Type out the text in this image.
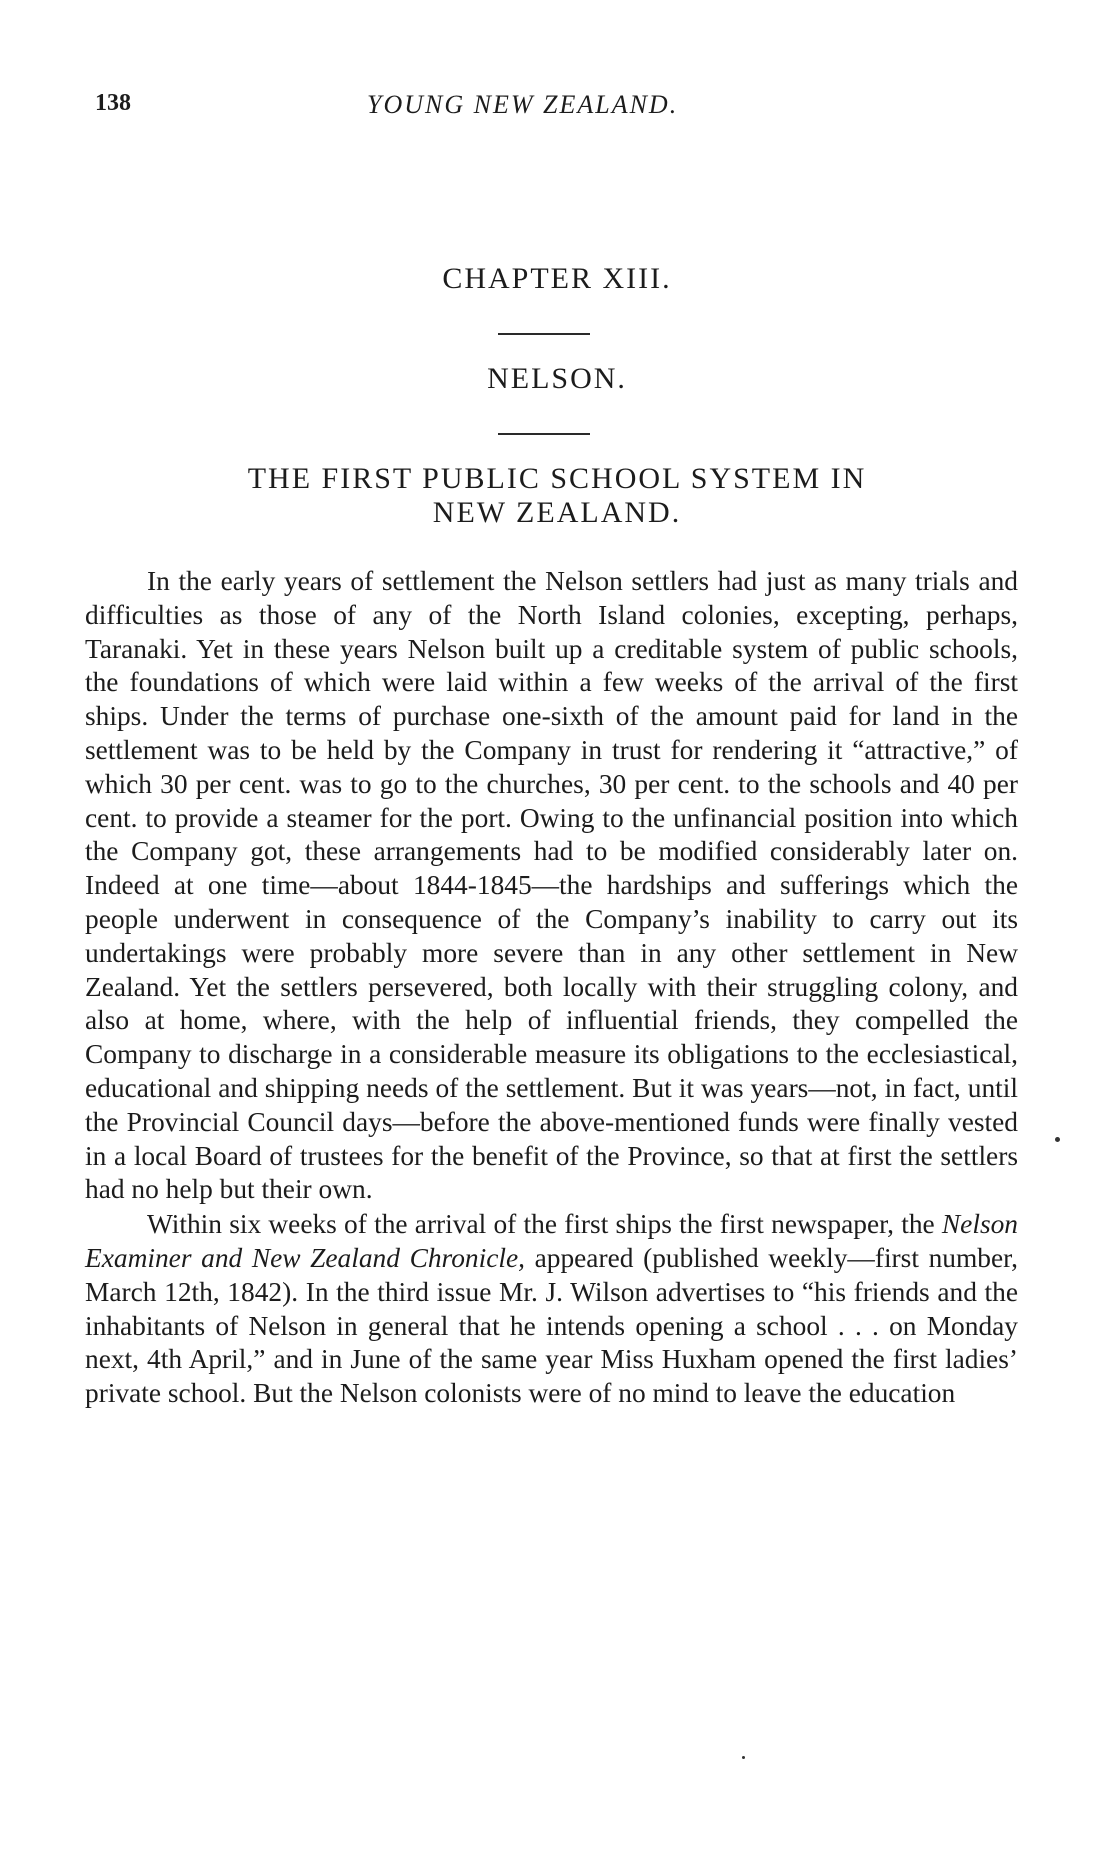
138	YOUNG NEW ZEALAND.
CHAPTER XIII.
NELSON.
THE FIRST PUBLIC SCHOOL SYSTEM IN
NEW ZEALAND.

In the early years of settlement the Nelson settlers had just as many trials and difficulties as those of any of the North Island colonies, excepting, perhaps, Taranaki. Yet in these years Nelson built up a creditable system of public schools, the foundations of which were laid within a few weeks of the arrival of the first ships. Under the terms of purchase one-sixth of the amount paid for land in the settlement was to be held by the Company in trust for rendering it “attractive,” of which 30 per cent. was to go to the churches, 30 per cent. to the schools and 40 per cent. to provide a steamer for the port. Owing to the unfinancial position into which the Company got, these arrangements had to be modified considerably later on. Indeed at one time—about 1844-1845—the hardships and sufferings which the people underwent in consequence of the Company’s inability to carry out its undertakings were probably more severe than in any other settlement in New Zealand. Yet the settlers persevered, both locally with their struggling colony, and also at home, where, with the help of influential friends, they compelled the Company to discharge in a considerable measure its obligations to the ecclesiastical, educational and shipping needs of the settlement. But it was years—not, in fact, until the Provincial Council days—before the above-mentioned funds were finally vested in a local Board of trustees for the benefit of the Province, so that at first the settlers had no help but their own.

Within six weeks of the arrival of the first ships the first newspaper, the Nelson Examiner and New Zealand Chronicle, appeared (published weekly—first number, March 12th, 1842). In the third issue Mr. J. Wilson advertises to “his friends and the inhabitants of Nelson in general that he intends opening a school . . . on Monday next, 4th April,” and in June of the same year Miss Huxham opened the first ladies’ private school. But the Nelson colonists were of no mind to leave the education
